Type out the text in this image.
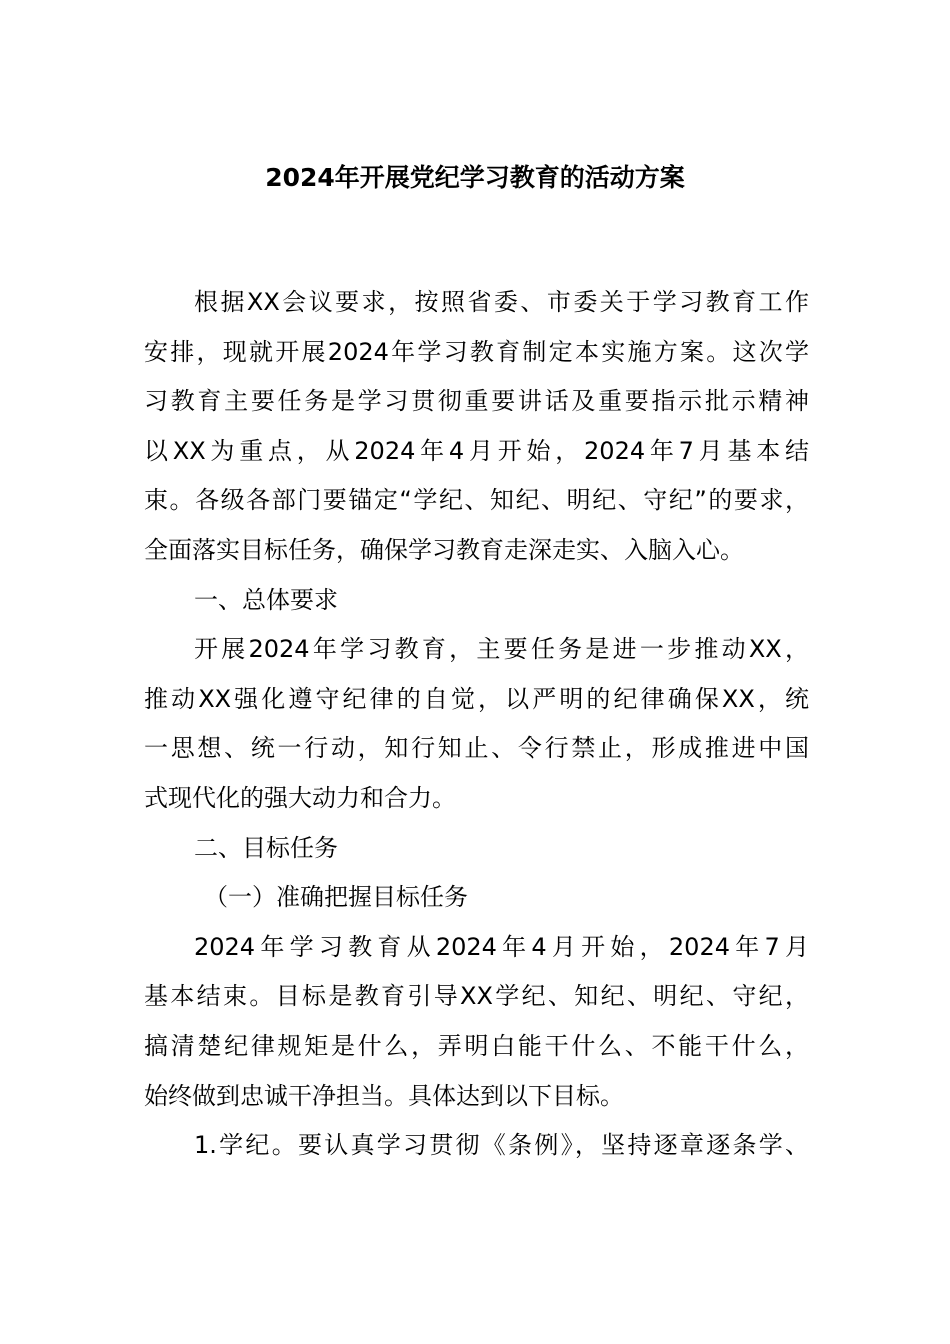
2024年开展党纪学习教育的活动方案
根据XX会议要求，按照省委、市委关于学习教育工作
安排，现就开展2024年学习教育制定本实施方案。这次学
习教育主要任务是学习贯彻重要讲话及重要指示批示精神
以XX为重点，从2024年4月开始，2024年7月基本结
束。各级各部门要锚定“学纪、知纪、明纪、守纪”的要求，
全面落实目标任务，确保学习教育走深走实、入脑入心。
一、总体要求
开展2024年学习教育，主要任务是进一步推动XX，
推动XX强化遵守纪律的自觉，以严明的纪律确保XX，统
一思想、统一行动，知行知止、令行禁止，形成推进中国
式现代化的强大动力和合力。
二、目标任务
（一）准确把握目标任务
2024年学习教育从2024年4月开始，2024年7月
基本结束。目标是教育引导XX学纪、知纪、明纪、守纪，
搞清楚纪律规矩是什么，弄明白能干什么、不能干什么，
始终做到忠诚干净担当。具体达到以下目标。
1.学纪。要认真学习贯彻《条例》，坚持逐章逐条学、
